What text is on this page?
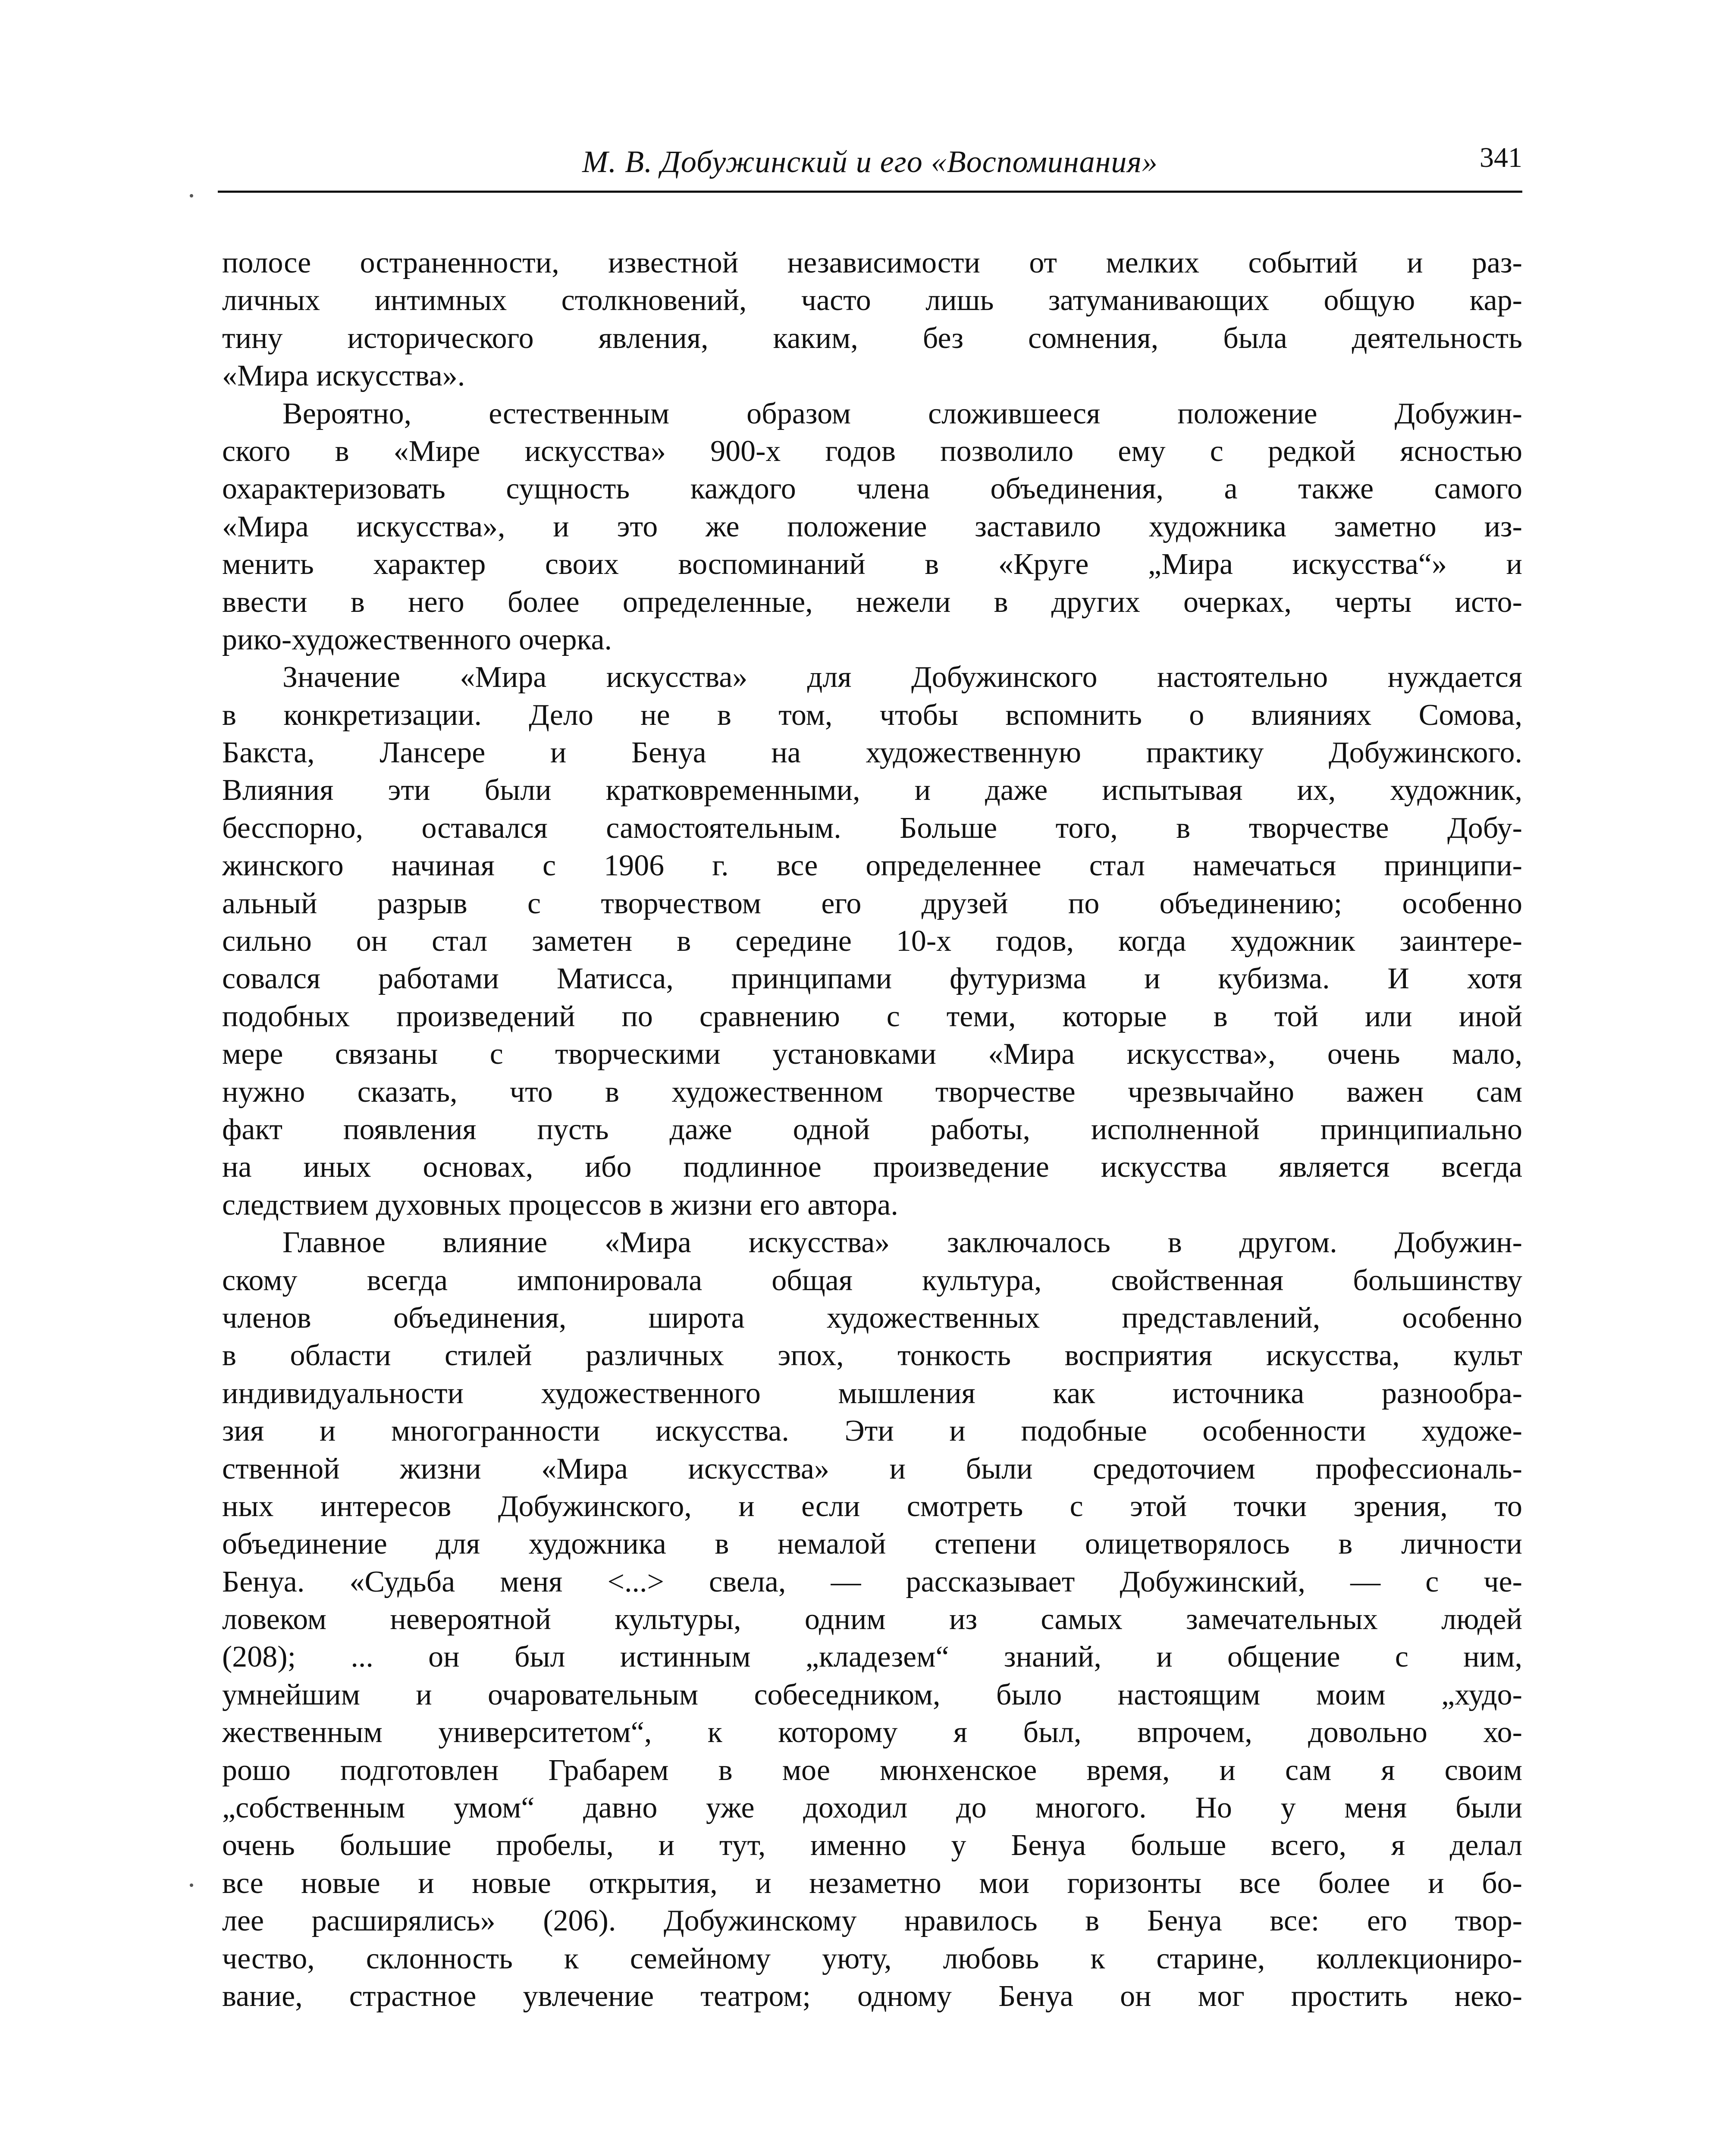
М. В. Добужинский и его «Воспоминания»	341
полосе остраненности, известной независимости от мелких событий и раз-
личных интимных столкновений, часто лишь затуманивающих общую кар-
тину исторического явления, каким, без сомнения, была деятельность
«Мира искусства».
Вероятно, естественным образом сложившееся положение Добужин-
ского в «Мире искусства» 900-х годов позволило ему с редкой ясностью
охарактеризовать сущность каждого члена объединения, а также самого
«Мира искусства», и это же положение заставило художника заметно из-
менить характер своих воспоминаний в «Круге „Мира искусства“» и
ввести в него более определенные, нежели в других очерках, черты исто-
рико-художественного очерка.
Значение «Мира искусства» для Добужинского настоятельно нуждается
в конкретизации. Дело не в том, чтобы вспомнить о влияниях Сомова,
Бакста, Лансере и Бенуа на художественную практику Добужинского.
Влияния эти были кратковременными, и даже испытывая их, художник,
бесспорно, оставался самостоятельным. Больше того, в творчестве Добу-
жинского начиная с 1906 г. все определеннее стал намечаться принципи-
альный разрыв с творчеством его друзей по объединению; особенно
сильно он стал заметен в середине 10-х годов, когда художник заинтере-
совался работами Матисса, принципами футуризма и кубизма. И хотя
подобных произведений по сравнению с теми, которые в той или иной
мере связаны с творческими установками «Мира искусства», очень мало,
нужно сказать, что в художественном творчестве чрезвычайно важен сам
факт появления пусть даже одной работы, исполненной принципиально
на иных основах, ибо подлинное произведение искусства является всегда
следствием духовных процессов в жизни его автора.
Главное влияние «Мира искусства» заключалось в другом. Добужин-
скому всегда импонировала общая культура, свойственная большинству
членов объединения, широта художественных представлений, особенно
в области стилей различных эпох, тонкость восприятия искусства, культ
индивидуальности художественного мышления как источника разнообра-
зия и многогранности искусства. Эти и подобные особенности художе-
ственной жизни «Мира искусства» и были средоточием профессиональ-
ных интересов Добужинского, и если смотреть с этой точки зрения, то
объединение для художника в немалой степени олицетворялось в личности
Бенуа. «Судьба меня <...> свела, — рассказывает Добужинский, — с че-
ловеком невероятной культуры, одним из самых замечательных людей
(208); ... он был истинным „кладезем“ знаний, и общение с ним,
умнейшим и очаровательным собеседником, было настоящим моим „худо-
жественным университетом“, к которому я был, впрочем, довольно хо-
рошо подготовлен Грабарем в мое мюнхенское время, и сам я своим
„собственным умом“ давно уже доходил до многого. Но у меня были
очень большие пробелы, и тут, именно у Бенуа больше всего, я делал
все новые и новые открытия, и незаметно мои горизонты все более и бо-
лее расширялись» (206). Добужинскому нравилось в Бенуа все: его твор-
чество, склонность к семейному уюту, любовь к старине, коллекциониро-
вание, страстное увлечение театром; одному Бенуа он мог простить неко-
